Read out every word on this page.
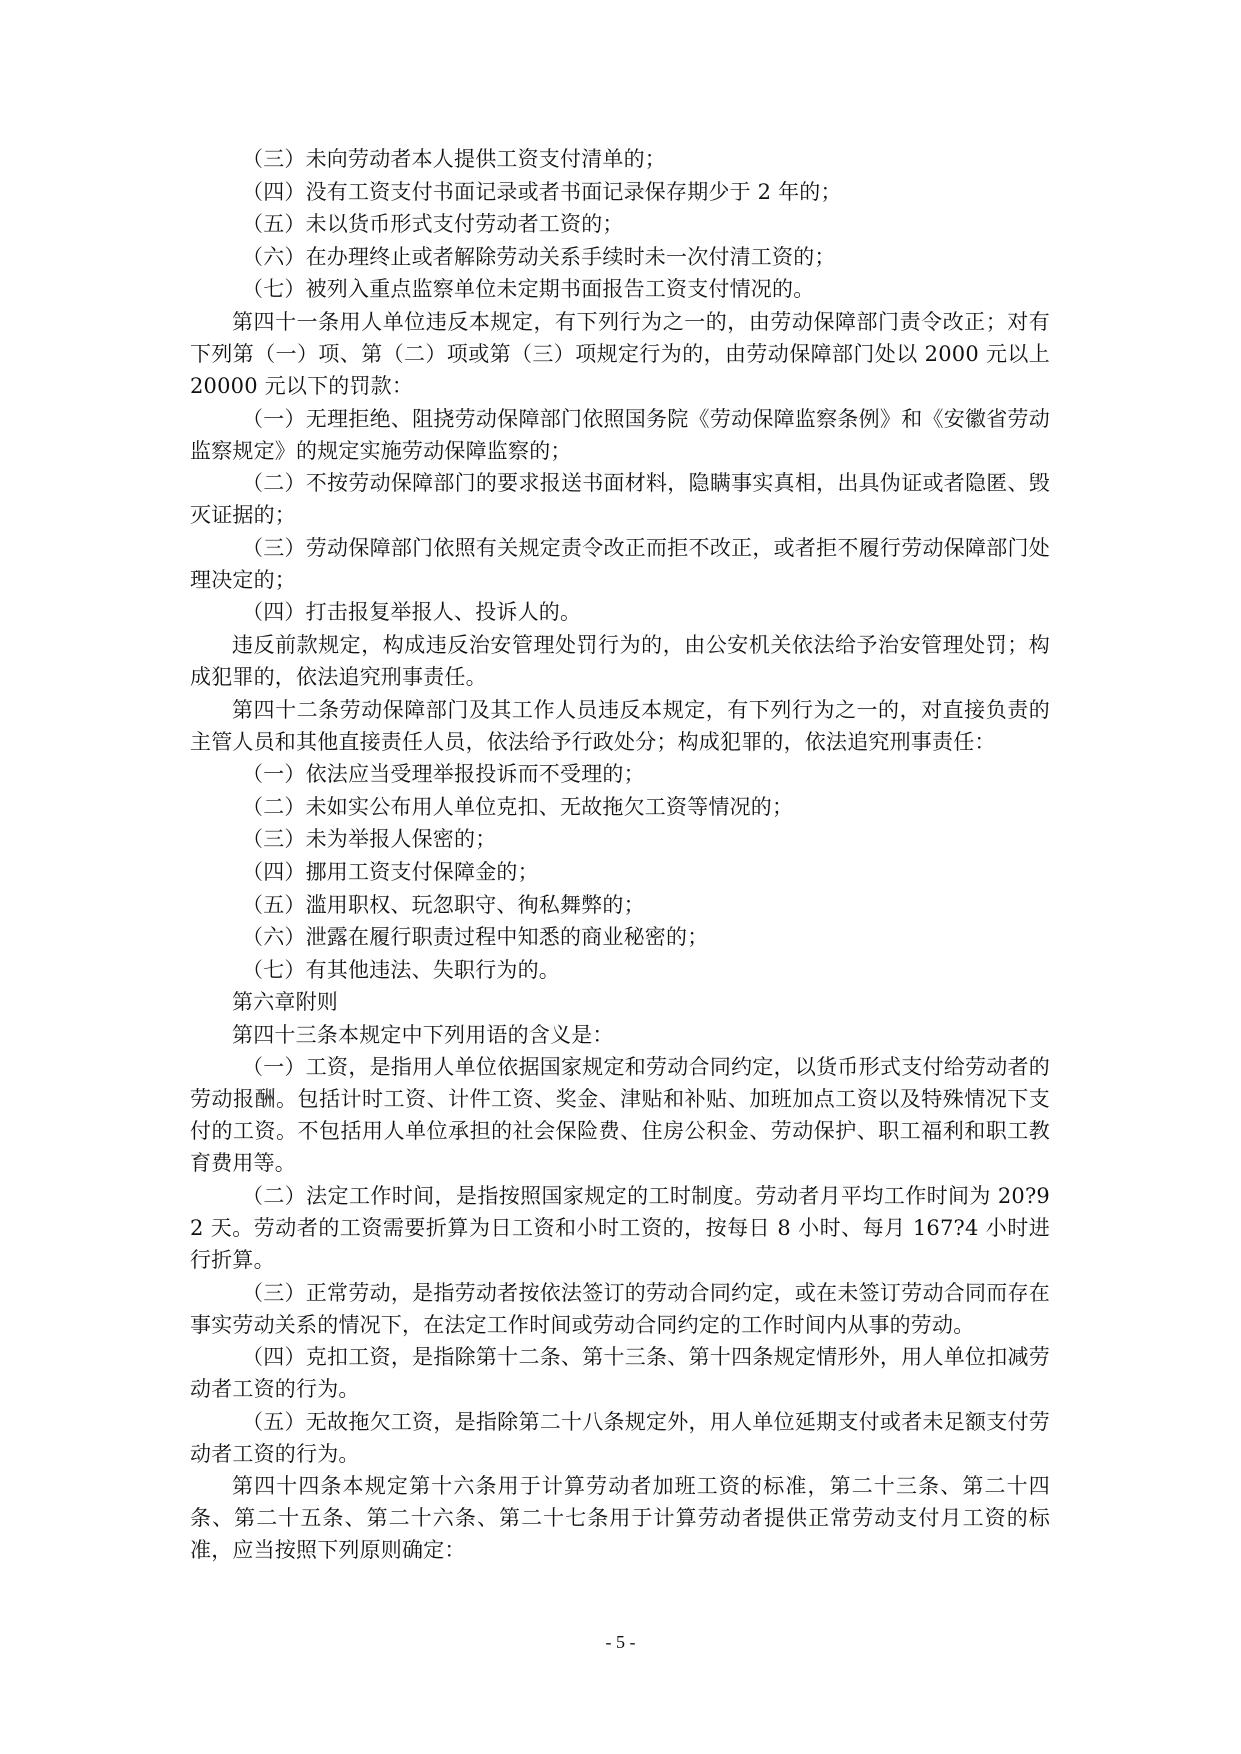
（三）未向劳动者本人提供工资支付清单的；

（四）没有工资支付书面记录或者书面记录保存期少于 2 年的；

（五）未以货币形式支付劳动者工资的；

（六）在办理终止或者解除劳动关系手续时未一次付清工资的；

（七）被列入重点监察单位未定期书面报告工资支付情况的。

第四十一条用人单位违反本规定，有下列行为之一的，由劳动保障部门责令改正；对有下列第（一）项、第（二）项或第（三）项规定行为的，由劳动保障部门处以 2000 元以上 20000 元以下的罚款：

（一）无理拒绝、阻挠劳动保障部门依照国务院《劳动保障监察条例》和《安徽省劳动监察规定》的规定实施劳动保障监察的；

（二）不按劳动保障部门的要求报送书面材料，隐瞒事实真相，出具伪证或者隐匿、毁灭证据的；

（三）劳动保障部门依照有关规定责令改正而拒不改正，或者拒不履行劳动保障部门处理决定的；

（四）打击报复举报人、投诉人的。

违反前款规定，构成违反治安管理处罚行为的，由公安机关依法给予治安管理处罚；构成犯罪的，依法追究刑事责任。

第四十二条劳动保障部门及其工作人员违反本规定，有下列行为之一的，对直接负责的主管人员和其他直接责任人员，依法给予行政处分；构成犯罪的，依法追究刑事责任：

（一）依法应当受理举报投诉而不受理的；

（二）未如实公布用人单位克扣、无故拖欠工资等情况的；

（三）未为举报人保密的；

（四）挪用工资支付保障金的；

（五）滥用职权、玩忽职守、徇私舞弊的；

（六）泄露在履行职责过程中知悉的商业秘密的；

（七）有其他违法、失职行为的。

第六章附则

第四十三条本规定中下列用语的含义是：

（一）工资，是指用人单位依据国家规定和劳动合同约定，以货币形式支付给劳动者的劳动报酬。包括计时工资、计件工资、奖金、津贴和补贴、加班加点工资以及特殊情况下支付的工资。不包括用人单位承担的社会保险费、住房公积金、劳动保护、职工福利和职工教育费用等。

（二）法定工作时间，是指按照国家规定的工时制度。劳动者月平均工作时间为 20?92 天。劳动者的工资需要折算为日工资和小时工资的，按每日 8 小时、每月 167?4 小时进行折算。

（三）正常劳动，是指劳动者按依法签订的劳动合同约定，或在未签订劳动合同而存在事实劳动关系的情况下，在法定工作时间或劳动合同约定的工作时间内从事的劳动。

（四）克扣工资，是指除第十二条、第十三条、第十四条规定情形外，用人单位扣减劳动者工资的行为。

（五）无故拖欠工资，是指除第二十八条规定外，用人单位延期支付或者未足额支付劳动者工资的行为。

第四十四条本规定第十六条用于计算劳动者加班工资的标准，第二十三条、第二十四条、第二十五条、第二十六条、第二十七条用于计算劳动者提供正常劳动支付月工资的标准，应当按照下列原则确定：

- 5 -
